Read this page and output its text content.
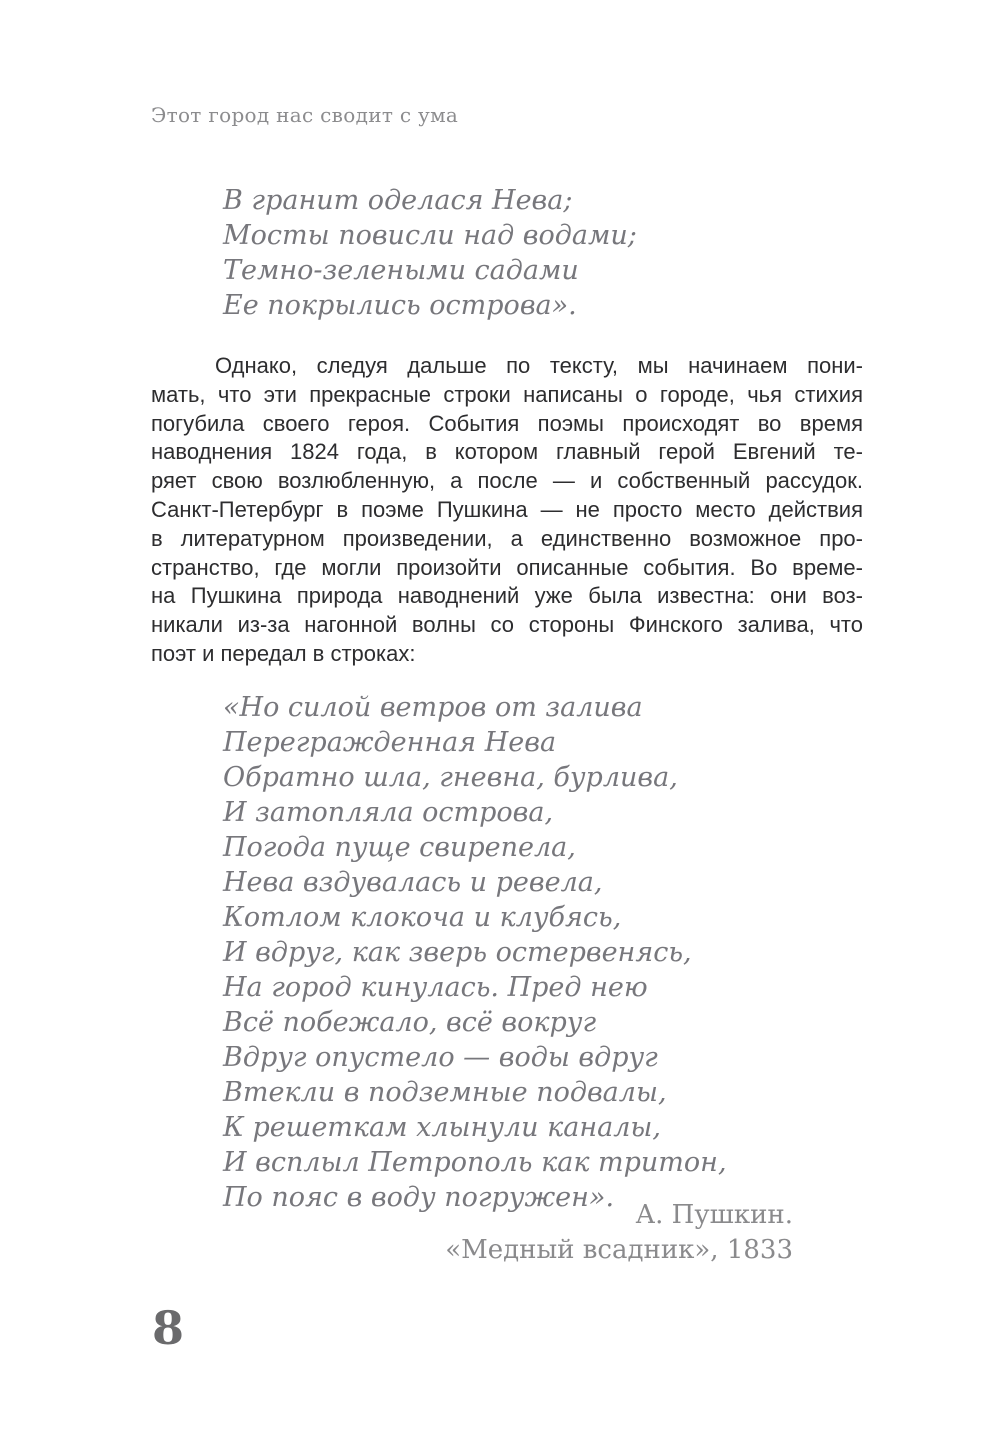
Этот город нас сводит с ума
В гранит оделася Нева;
Мосты повисли над водами;
Темно-зелеными садами
Ее покрылись острова».
Однако, следуя дальше по тексту, мы начинаем пони-
мать, что эти прекрасные строки написаны о городе, чья стихия
погубила своего героя. События поэмы происходят во время
наводнения 1824 года, в котором главный герой Евгений те-
ряет свою возлюбленную, а после — и собственный рассудок.
Санкт-Петербург в поэме Пушкина — не просто место действия
в литературном произведении, а единственно возможное про-
странство, где могли произойти описанные события. Во време-
на Пушкина природа наводнений уже была известна: они воз-
никали из-за нагонной волны со стороны Финского залива, что
поэт и передал в строках:
«Но силой ветров от залива
Перегражденная Нева
Обратно шла, гневна, бурлива,
И затопляла острова,
Погода пуще свирепела,
Нева вздувалась и ревела,
Котлом клокоча и клубясь,
И вдруг, как зверь остервенясь,
На город кинулась. Пред нею
Всё побежало, всё вокруг
Вдруг опустело — воды вдруг
Втекли в подземные подвалы,
К решеткам хлынули каналы,
И всплыл Петрополь как тритон,
По пояс в воду погружен».
А. Пушкин.
«Медный всадник», 1833
8
